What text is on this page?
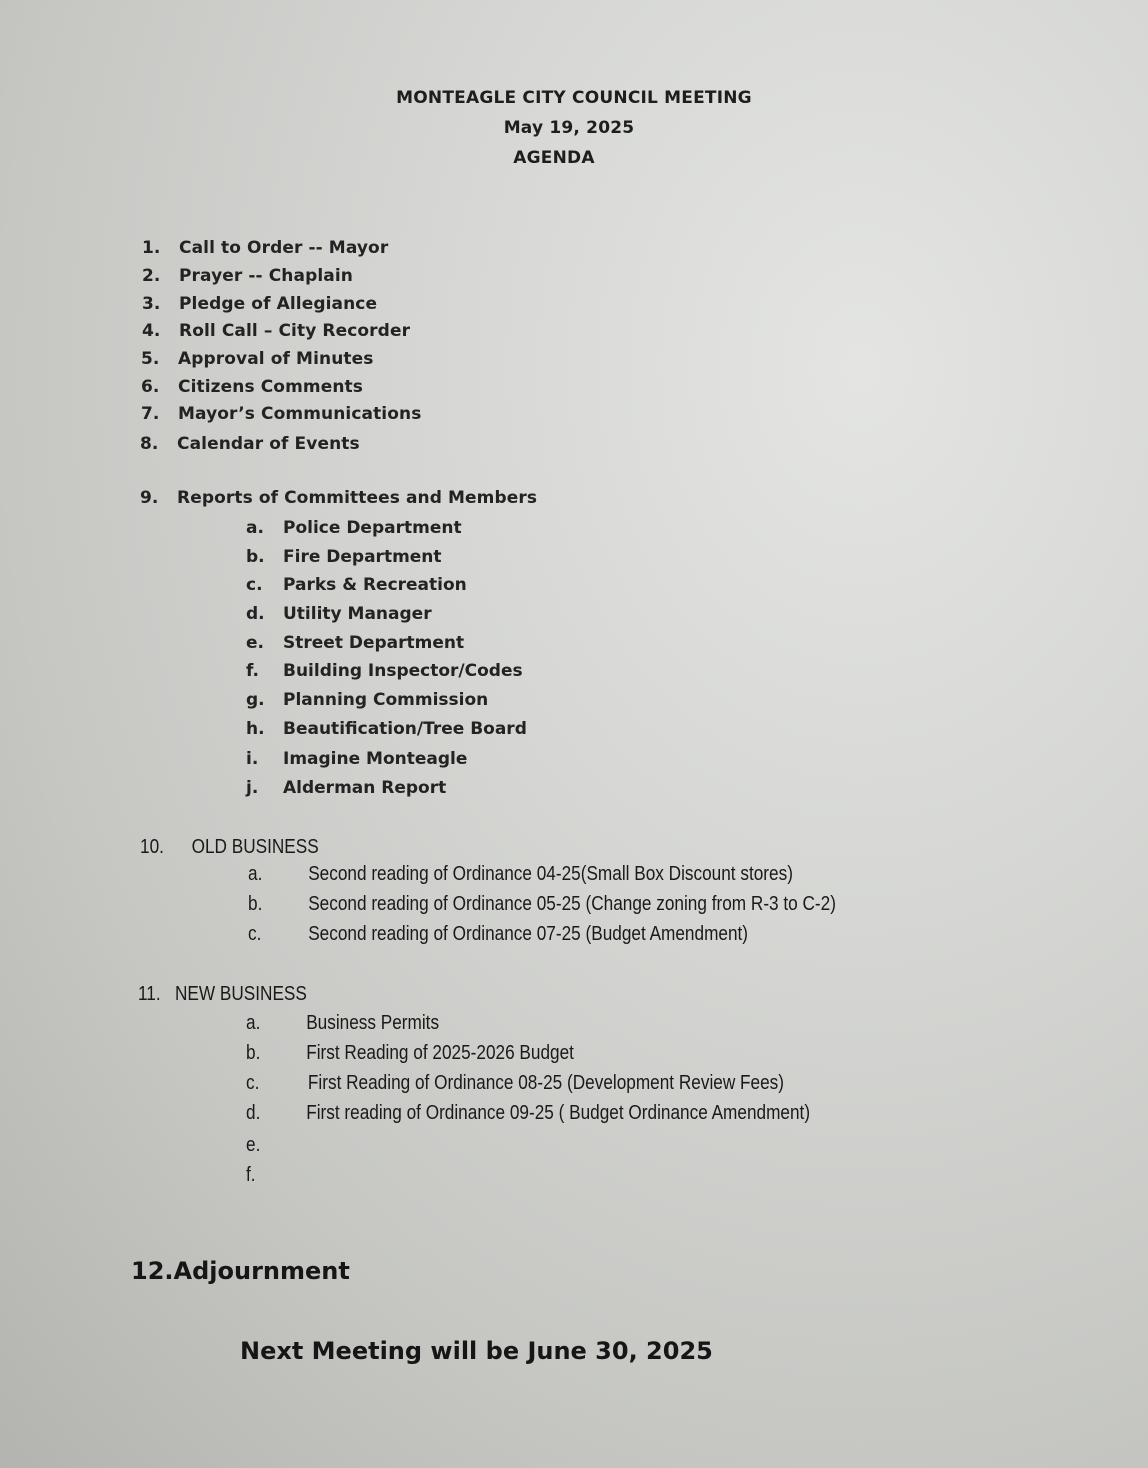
MONTEAGLE CITY COUNCIL MEETING
May 19, 2025
AGENDA
1. Call to Order -- Mayor
2. Prayer -- Chaplain
3. Pledge of Allegiance
4. Roll Call – City Recorder
5. Approval of Minutes
6. Citizens Comments
7. Mayor’s Communications
8. Calendar of Events
9. Reports of Committees and Members
a. Police Department
b. Fire Department
c. Parks & Recreation
d. Utility Manager
e. Street Department
f. Building Inspector/Codes
g. Planning Commission
h. Beautification/Tree Board
i. Imagine Monteagle
j. Alderman Report
10. OLD BUSINESS
a. Second reading of Ordinance 04-25(Small Box Discount stores)
b. Second reading of Ordinance 05-25 (Change zoning from R-3 to C-2)
c. Second reading of Ordinance 07-25 (Budget Amendment)
11. NEW BUSINESS
a. Business Permits
b. First Reading of 2025-2026 Budget
c. First Reading of Ordinance 08-25 (Development Review Fees)
d. First reading of Ordinance 09-25 ( Budget Ordinance Amendment)
e.
f.
12.Adjournment
Next Meeting will be June 30, 2025
